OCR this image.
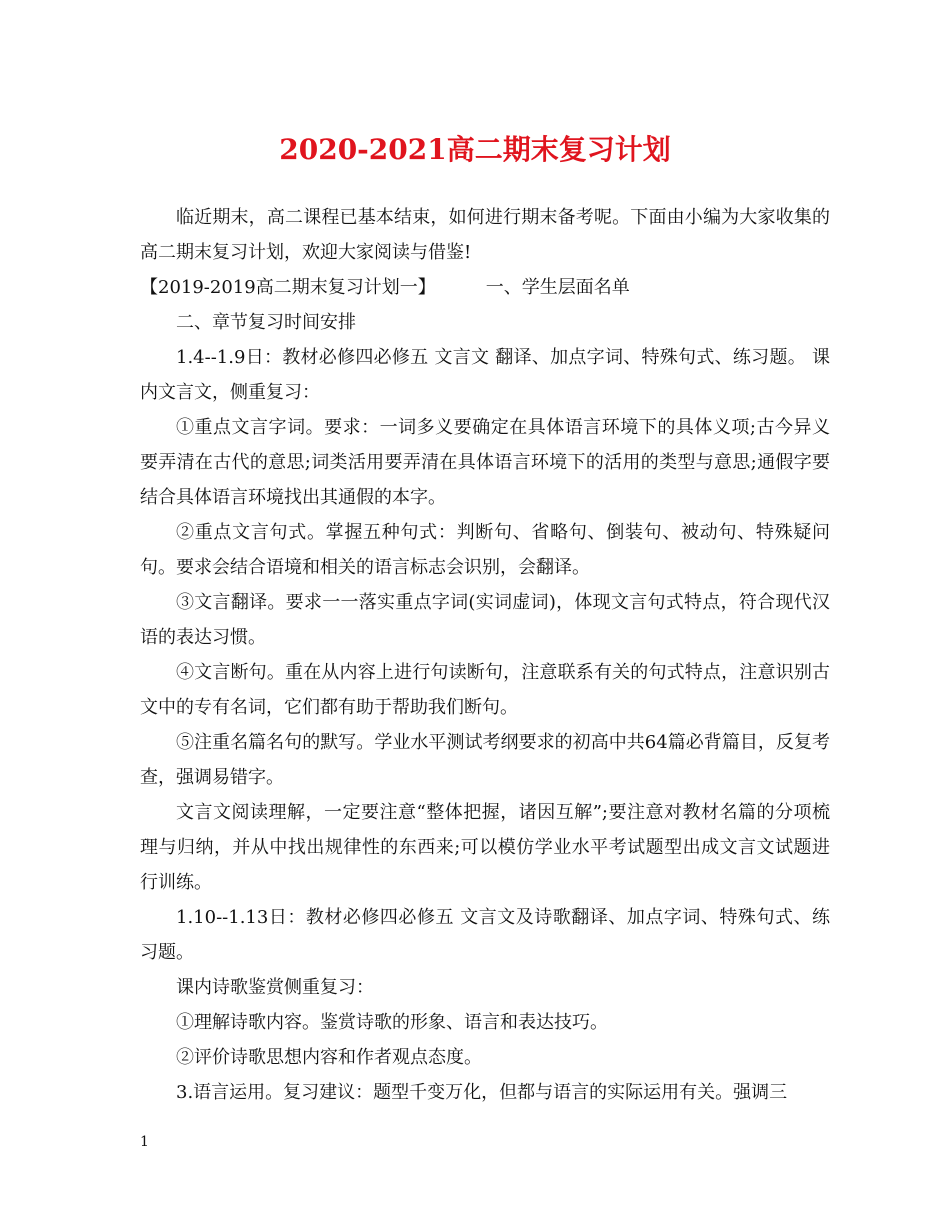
2020-2021高二期末复习计划

临近期末，高二课程已基本结束，如何进行期末备考呢。下面由小编为大家收集的高二期末复习计划，欢迎大家阅读与借鉴!

【2019-2019高二期末复习计划一】	一、学生层面名单

二、章节复习时间安排

1.4--1.9日：教材必修四必修五 文言文 翻译、加点字词、特殊句式、练习题。 课内文言文，侧重复习：

①重点文言字词。要求：一词多义要确定在具体语言环境下的具体义项;古今异义要弄清在古代的意思;词类活用要弄清在具体语言环境下的活用的类型与意思;通假字要结合具体语言环境找出其通假的本字。

②重点文言句式。掌握五种句式：判断句、省略句、倒装句、被动句、特殊疑问句。要求会结合语境和相关的语言标志会识别，会翻译。

③文言翻译。要求一一落实重点字词(实词虚词)，体现文言句式特点，符合现代汉语的表达习惯。

④文言断句。重在从内容上进行句读断句，注意联系有关的句式特点，注意识别古文中的专有名词，它们都有助于帮助我们断句。

⑤注重名篇名句的默写。学业水平测试考纲要求的初高中共64篇必背篇目，反复考查，强调易错字。

文言文阅读理解，一定要注意“整体把握，诸因互解”;要注意对教材名篇的分项梳理与归纳，并从中找出规律性的东西来;可以模仿学业水平考试题型出成文言文试题进行训练。

1.10--1.13日：教材必修四必修五 文言文及诗歌翻译、加点字词、特殊句式、练习题。

课内诗歌鉴赏侧重复习：

①理解诗歌内容。鉴赏诗歌的形象、语言和表达技巧。

②评价诗歌思想内容和作者观点态度。

3.语言运用。复习建议：题型千变万化，但都与语言的实际运用有关。强调三

1
